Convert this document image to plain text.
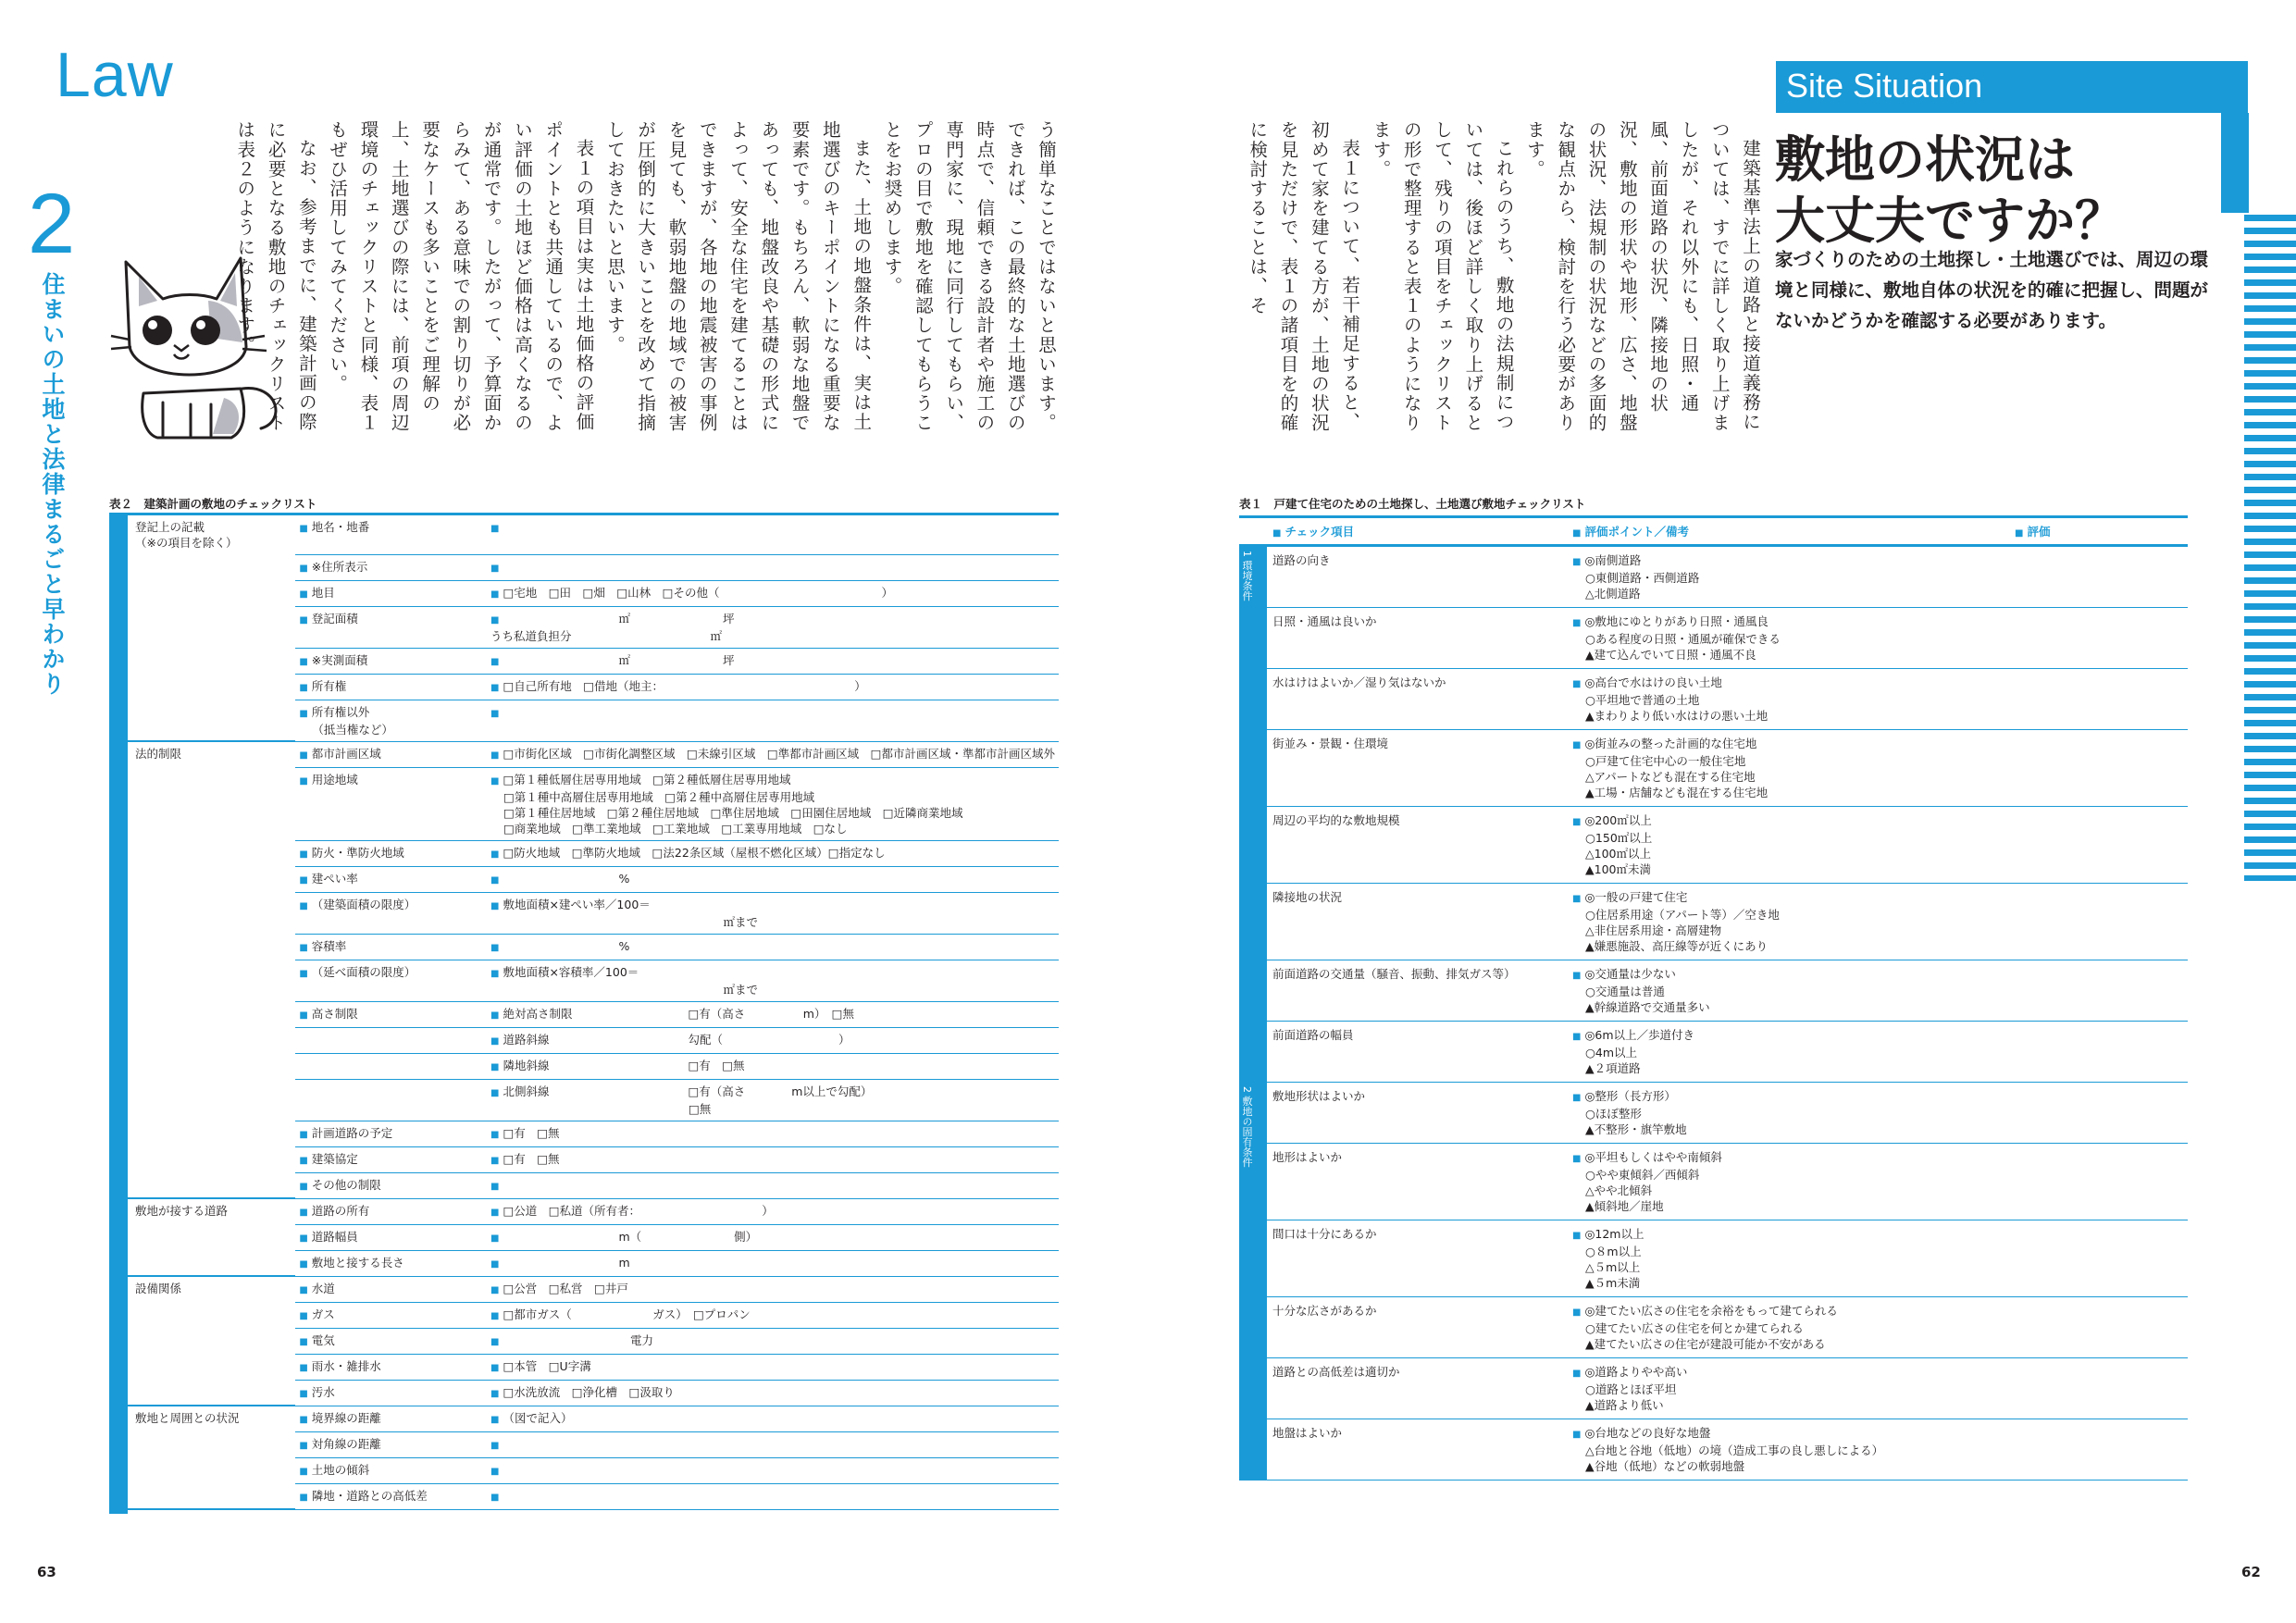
Law
2
住まいの土地と法律まるごと早わかり	う簡単なことではないと思います。できれば、この最終的な土地選びの時点で、信頼できる設計者や施工の専門家に、現地に同行してもらい、プロの目で敷地を確認してもらうことをお奨めします。

また、土地の地盤条件は、実は土地選びのキーポイントになる重要な要素です。もちろん、軟弱な地盤であっても、地盤改良や基礎の形式によって、安全な住宅を建てることはできますが、各地の地震被害の事例を見ても、軟弱地盤の地域での被害が圧倒的に大きいことを改めて指摘しておきたいと思います。

表１の項目は実は土地価格の評価ポイントとも共通しているので、よい評価の土地ほど価格は高くなるのが通常です。したがって、予算面からみて、ある意味での割り切りが必要なケースも多いことをご理解の上、土地選びの際には、前項の周辺環境のチェックリストと同様、表１もぜひ活用してみてください。

なお、参考までに、建築計画の際に必要となる敷地のチェックリストは表２のようになります。

表２　建築計画の敷地のチェックリスト
登記上の記載
（※の項目を除く）	■ 地名・地番	■
	■ ※住所表示	■
	■ 地目	■ □宅地　□田　□畑　□山林　□その他（　　　　　　　　　　　　　　）
	■ 登記面積	■　　　　　　　　　　㎡　　　　　　　　坪
うち私道負担分　　　　　　　　　　　　㎡

	■ ※実測面積	■　　　　　　　　　　㎡　　　　　　　　坪
	■ 所有権	■ □自己所有地　□借地（地主：　　　　　　　　　　　　　　　　　）
	■ 所有権以外
（抵当権など）	■

法的制限	■ 都市計画区域	■ □市街化区域　□市街化調整区域　□未線引区域　□準都市計画区域　□都市計画区域・準都市計画区域外
	■ 用途地域	■ □第１種低層住居専用地域　□第２種低層住居専用地域
□第１種中高層住居専用地域　□第２種中高層住居専用地域
□第１種住居地域　□第２種住居地域　□準住居地域　□田園住居地域　□近隣商業地域
□商業地域　□準工業地域　□工業地域　□工業専用地域　□なし

	■ 防火・準防火地域	■ □防火地域　□準防火地域　□法22条区域（屋根不燃化区域）□指定なし
	■ 建ぺい率	■　　　　　　　　　　%
	■ （建築面積の限度）	■ 敷地面積×建ぺい率／100＝
　　　　　　　　　　　　　　　　　　　㎡まで

	■ 容積率	■　　　　　　　　　　%
	■ （延べ面積の限度）	■ 敷地面積×容積率／100＝
　　　　　　　　　　　　　　　　　　　㎡まで

	■ 高さ制限	■ 絶対高さ制限　　　　　　　　　　□有（高さ　　　　　m）　□無
		■ 道路斜線　　　　　　　　　　　　勾配（　　　　　　　　　　）
		■ 隣地斜線　　　　　　　　　　　　□有　□無
		■ 北側斜線　　　　　　　　　　　　□有（高さ　　　　m以上で勾配）
　　　　　　　　　　　　　　　　□無

	■ 計画道路の予定	■ □有　□無
	■ 建築協定	■ □有　□無
	■ その他の制限	■

敷地が接する道路	■ 道路の所有	■ □公道　□私道（所有者：　　　　　　　　　　　）
	■ 道路幅員	■　　　　　　　　　　m（　　　　　　　　側）
	■ 敷地と接する長さ	■　　　　　　　　　　m

設備関係	■ 水道	■ □公営　□私営　□井戸
	■ ガス	■ □都市ガス（　　　　　　　ガス）　□プロパン
	■ 電気	■　　　　　　　　　　　電力
	■ 雨水・雑排水	■ □本管　□U字溝
	■ 汚水	■ □水洗放流　□浄化槽　□汲取り

敷地と周囲との状況	■ 境界線の距離	■ （図で記入）
	■ 対角線の距離	■
	■ 土地の傾斜	■
	■ 隣地・道路との高低差	■
63
Site Situation
敷地の状況は
大丈夫ですか？
家づくりのための土地探し・土地選びでは、周辺の環境と同様に、敷地自体の状況を的確に把握し、問題がないかどうかを確認する必要があります。

建築基準法上の道路と接道義務については、すでに詳しく取り上げましたが、それ以外にも、日照・通風、前面道路の状況、隣接地の状況、敷地の形状や地形、広さ、地盤の状況、法規制の状況などの多面的な観点から、検討を行う必要があります。

これらのうち、敷地の法規制については、後ほど詳しく取り上げるとして、残りの項目をチェックリストの形で整理すると表１のようになります。

表１について、若干補足すると、初めて家を建てる方が、土地の状況を見ただけで、表１の諸項目を的確に検討することは、そ

表１　戸建て住宅のための土地探し、土地選び敷地チェックリスト
	■ チェック項目	■ 評価ポイント／備考	■ 評価
1 環境条件	道路の向き	■ ◎南側道路
○東側道路・西側道路
△北側道路	

	日照・通風は良いか	■ ◎敷地にゆとりがあり日照・通風良
○ある程度の日照・通風が確保できる
▲建て込んでいて日照・通風不良	

	水はけはよいか／湿り気はないか	■ ◎高台で水はけの良い土地
○平坦地で普通の土地
▲まわりより低い水はけの悪い土地	

	街並み・景観・住環境	■ ◎街並みの整った計画的な住宅地
○戸建て住宅中心の一般住宅地
△アパートなども混在する住宅地
▲工場・店舗なども混在する住宅地	

	周辺の平均的な敷地規模	■ ◎200㎡以上
○150㎡以上
△100㎡以上
▲100㎡未満	

	隣接地の状況	■ ◎一般の戸建て住宅
○住居系用途（アパート等）／空き地
△非住居系用途・高層建物
▲嫌悪施設、高圧線等が近くにあり	

	前面道路の交通量（騒音、振動、排気ガス等）	■ ◎交通量は少ない
○交通量は普通
▲幹線道路で交通量多い	

	前面道路の幅員	■ ◎6m以上／歩道付き
○4m以上
▲２項道路	

2 敷地の固有条件	敷地形状はよいか	■ ◎整形（長方形）
○ほぼ整形
▲不整形・旗竿敷地	

	地形はよいか	■ ◎平坦もしくはやや南傾斜
○やや東傾斜／西傾斜
△やや北傾斜
▲傾斜地／崖地	

	間口は十分にあるか	■ ◎12m以上
○８m以上
△５m以上
▲５m未満	

	十分な広さがあるか	■ ◎建てたい広さの住宅を余裕をもって建てられる
○建てたい広さの住宅を何とか建てられる
▲建てたい広さの住宅が建設可能か不安がある	

	道路との高低差は適切か	■ ◎道路よりやや高い
○道路とほぼ平坦
▲道路より低い	

	地盤はよいか	■ ◎台地などの良好な地盤
△台地と谷地（低地）の境（造成工事の良し悪しによる）
▲谷地（低地）などの軟弱地盤	

62
